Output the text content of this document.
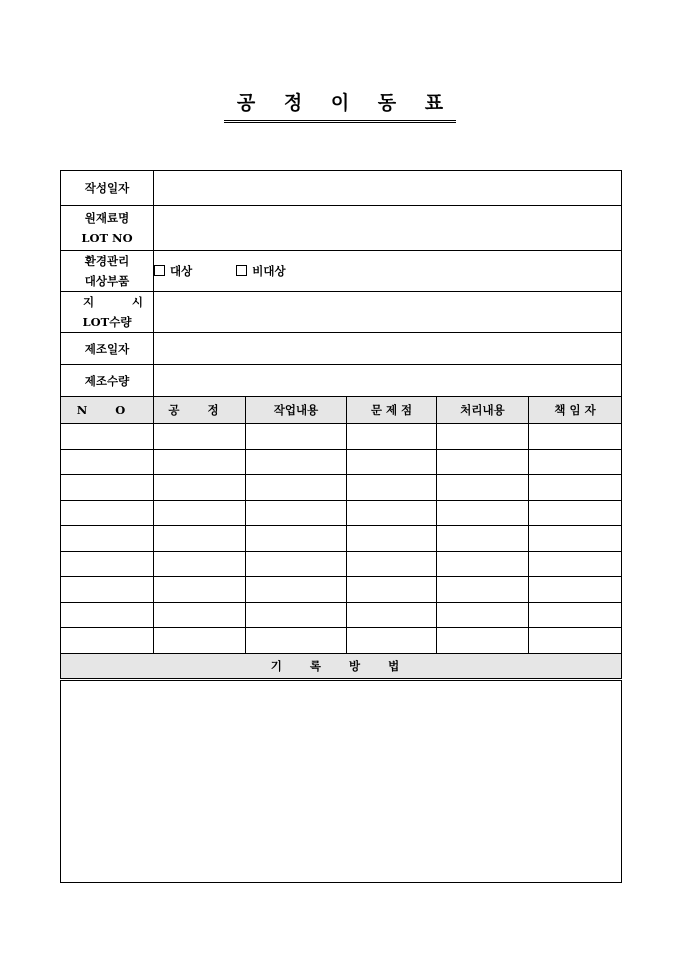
공 정 이 동 표
작성일자					

원재료명
LOT NO					

환경관리
대상부품	대상 비대상				

지 시
LOT수량					

제조일자					
제조수량					
N O	공 정	작업내용	문 제 점	처리내용	책 임 자

기 록 방 법					
